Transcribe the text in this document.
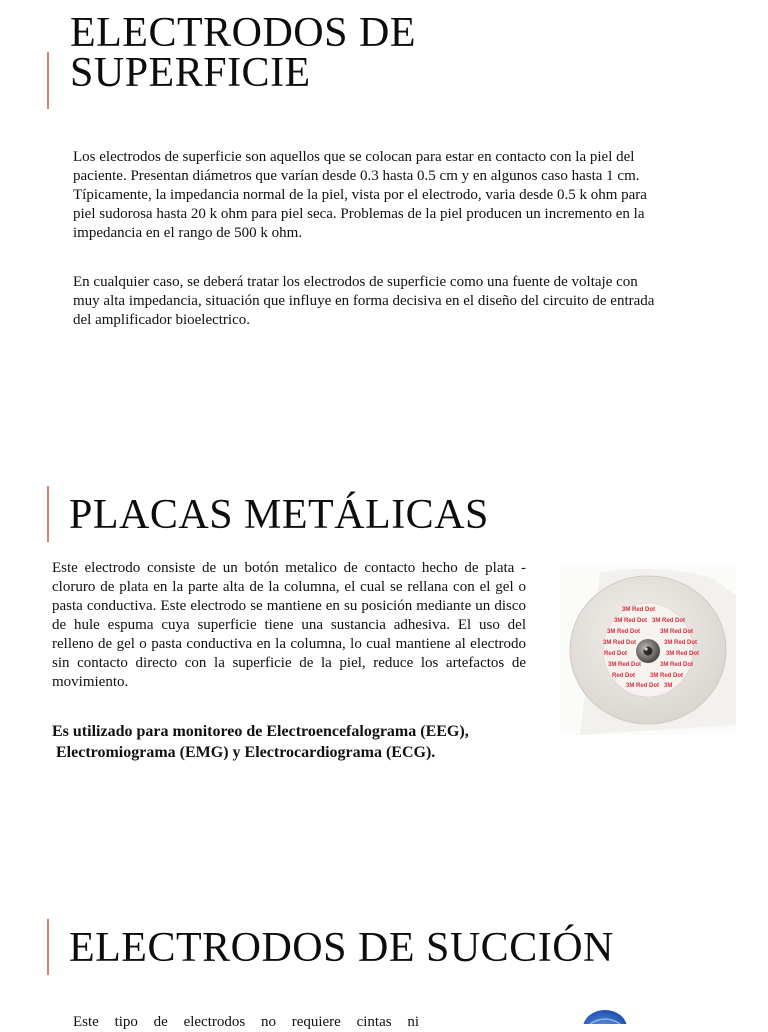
ELECTRODOS DE
SUPERFICIE

Los electrodos de superficie son aquellos que se colocan para estar en contacto con la piel del paciente. Presentan diámetros que varían desde 0.3 hasta 0.5 cm y en algunos caso hasta 1 cm. Típicamente, la impedancia normal de la piel, vista por el electrodo, varia desde 0.5 k ohm para piel sudorosa hasta 20 k ohm para piel seca. Problemas de la piel producen un incremento en la impedancia en el rango de 500 k ohm.

En cualquier caso, se deberá tratar los electrodos de superficie como una fuente de voltaje con muy alta impedancia, situación que influye en forma decisiva en el diseño del circuito de entrada del amplificador bioelectrico.

PLACAS METÁLICAS

Este electrodo consiste de un botón metalico de contacto hecho de plata - cloruro de plata en la parte alta de la columna, el cual se rellana con el gel o pasta conductiva. Este electrodo se mantiene en su posición mediante un disco de hule espuma cuya superficie tiene una sustancia adhesiva. El uso del relleno de gel o pasta conductiva en la columna, lo cual mantiene al electrodo sin contacto directo con la superficie de la piel, reduce los artefactos de movimiento.

Es utilizado para monitoreo de Electroencefalograma (EEG),
Electromiograma (EMG) y Electrocardiograma (ECG).

3M Red Dot
3M Red Dot 3M Red Dot
3M Red Dot	3M Red Dot
3M Red Dot	3M Red Dot
Red Dot	3M Red Dot
3M Red Dot	3M Red Dot
Red Dot	3M Red Dot
3M Red Dot 3M
ELECTRODOS DE SUCCIÓN

Este tipo de electrodos no requiere cintas ni
